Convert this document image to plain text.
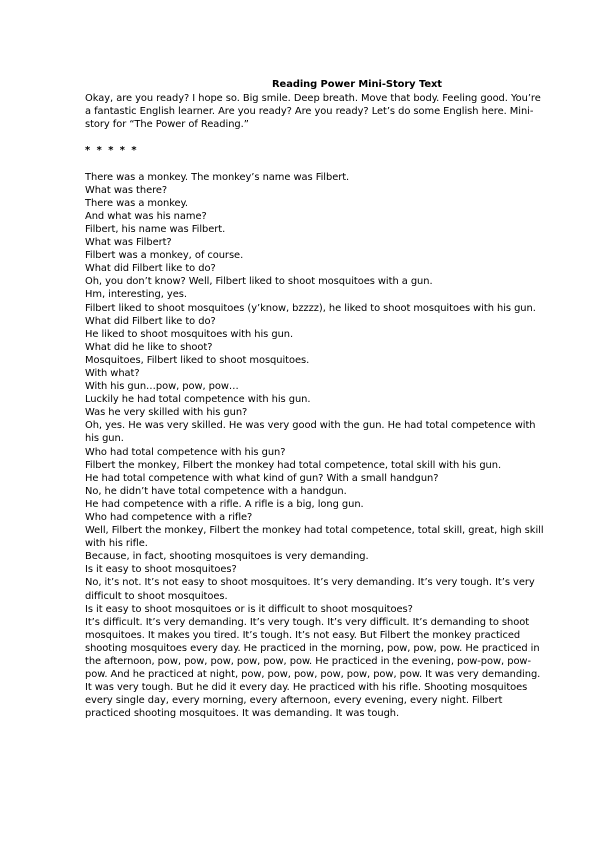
Reading Power Mini-Story Text

Okay, are you ready? I hope so. Big smile. Deep breath. Move that body. Feeling good. You’re a fantastic English learner. Are you ready? Are you ready? Let’s do some English here. Mini-story for “The Power of Reading.”

* * * * *

There was a monkey. The monkey’s name was Filbert.

What was there?

There was a monkey.

And what was his name?

Filbert, his name was Filbert.

What was Filbert?

Filbert was a monkey, of course.

What did Filbert like to do?

Oh, you don’t know? Well, Filbert liked to shoot mosquitoes with a gun.

Hm, interesting, yes.

Filbert liked to shoot mosquitoes (y’know, bzzzz), he liked to shoot mosquitoes with his gun.

What did Filbert like to do?

He liked to shoot mosquitoes with his gun.

What did he like to shoot?

Mosquitoes, Filbert liked to shoot mosquitoes.

With what?

With his gun…pow, pow, pow…

Luckily he had total competence with his gun.

Was he very skilled with his gun?

Oh, yes. He was very skilled. He was very good with the gun. He had total competence with his gun.

Who had total competence with his gun?

Filbert the monkey, Filbert the monkey had total competence, total skill with his gun.

He had total competence with what kind of gun? With a small handgun?

No, he didn’t have total competence with a handgun.

He had competence with a rifle. A rifle is a big, long gun.

Who had competence with a rifle?

Well, Filbert the monkey, Filbert the monkey had total competence, total skill, great, high skill with his rifle.

Because, in fact, shooting mosquitoes is very demanding.

Is it easy to shoot mosquitoes?

No, it’s not. It’s not easy to shoot mosquitoes. It’s very demanding. It’s very tough. It’s very difficult to shoot mosquitoes.

Is it easy to shoot mosquitoes or is it difficult to shoot mosquitoes?

It’s difficult. It’s very demanding. It’s very tough. It’s very difficult. It’s demanding to shoot mosquitoes. It makes you tired. It’s tough. It’s not easy. But Filbert the monkey practiced shooting mosquitoes every day. He practiced in the morning, pow, pow, pow. He practiced in the afternoon, pow, pow, pow, pow, pow, pow. He practiced in the evening, pow-pow, pow-pow. And he practiced at night, pow, pow, pow, pow, pow, pow, pow. It was very demanding. It was very tough. But he did it every day. He practiced with his rifle. Shooting mosquitoes every single day, every morning, every afternoon, every evening, every night. Filbert practiced shooting mosquitoes. It was demanding. It was tough.
